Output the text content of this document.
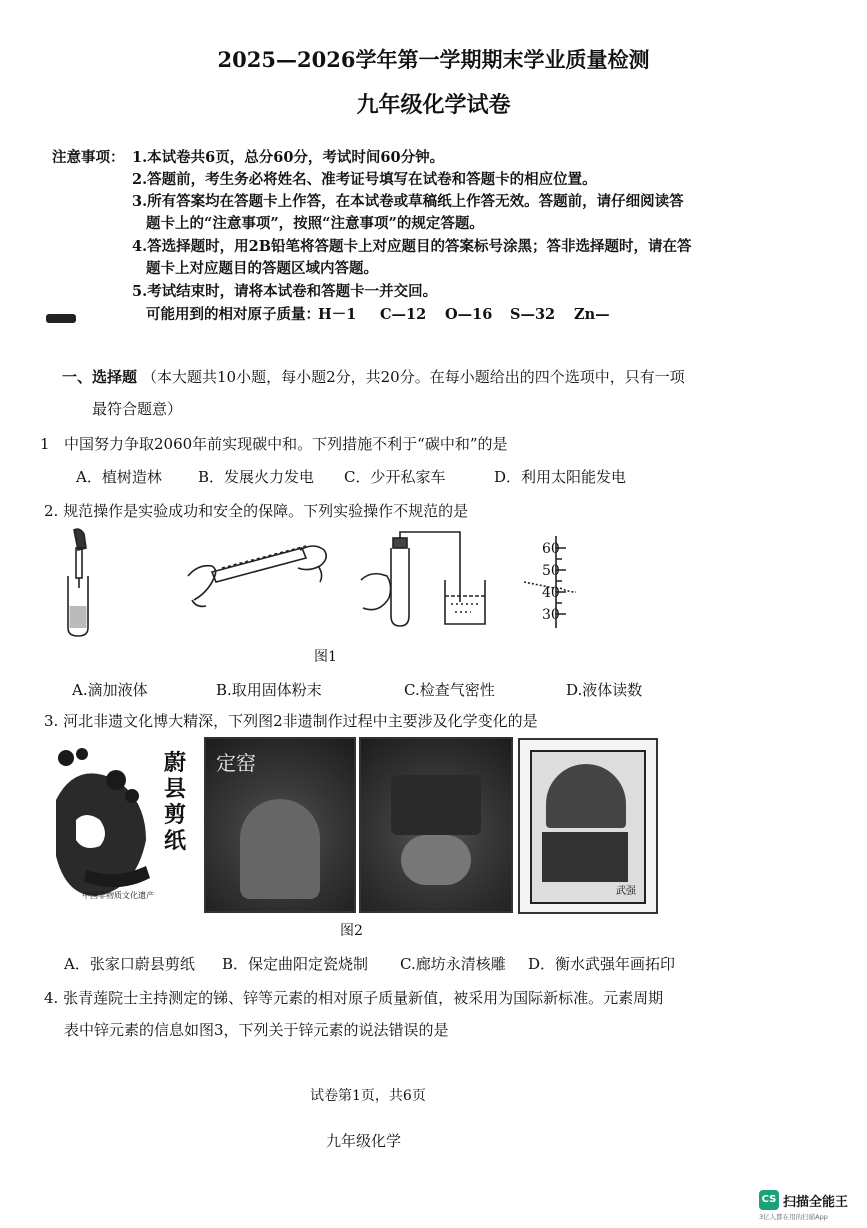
2025—2026学年第一学期期末学业质量检测
九年级化学试卷
注意事项： 1.本试卷共6页，总分60分，考试时间60分钟。
2.答题前，考生务必将姓名、准考证号填写在试卷和答题卡的相应位置。
3.所有答案均在答题卡上作答，在本试卷或草稿纸上作答无效。答题前，请仔细阅读答
题卡上的“注意事项”，按照“注意事项”的规定答题。
4.答选择题时，用2B铅笔将答题卡上对应题目的答案标号涂黑；答非选择题时，请在答
题卡上对应题目的答题区域内答题。
5.考试结束时，请将本试卷和答题卡一并交回。
可能用到的相对原子质量：
H－1 C—12 O—16 S—32 Zn—
一、选择题 （本大题共10小题，每小题2分，共20分。在每小题给出的四个选项中，只有一项
最符合题意）
1 中国努力争取2060年前实现碳中和。下列措施不利于“碳中和”的是
A．植树造林 B．发展火力发电 C．少开私家车	D．利用太阳能发电
2. 规范操作是实验成功和安全的保障。下列实验操作不规范的是
60
50
40
30
图1
A.滴加液体	B.取用固体粉末	C.检查气密性	D.液体读数
3. 河北非遗文化博大精深，下列图2非遗制作过程中主要涉及化学变化的是
蔚
县
剪
纸
中国非物质文化遗产
定窑
武强
图2
A．张家口蔚县剪纸 B．保定曲阳定瓷烧制 C.廊坊永清核雕 D．衡水武强年画拓印
4. 张青莲院士主持测定的锑、锌等元素的相对原子质量新值，被采用为国际新标准。元素周期
表中锌元素的信息如图3，下列关于锌元素的说法错误的是
试卷第1页，共6页
九年级化学
CS 扫描全能王
3亿人都在用的扫描App
